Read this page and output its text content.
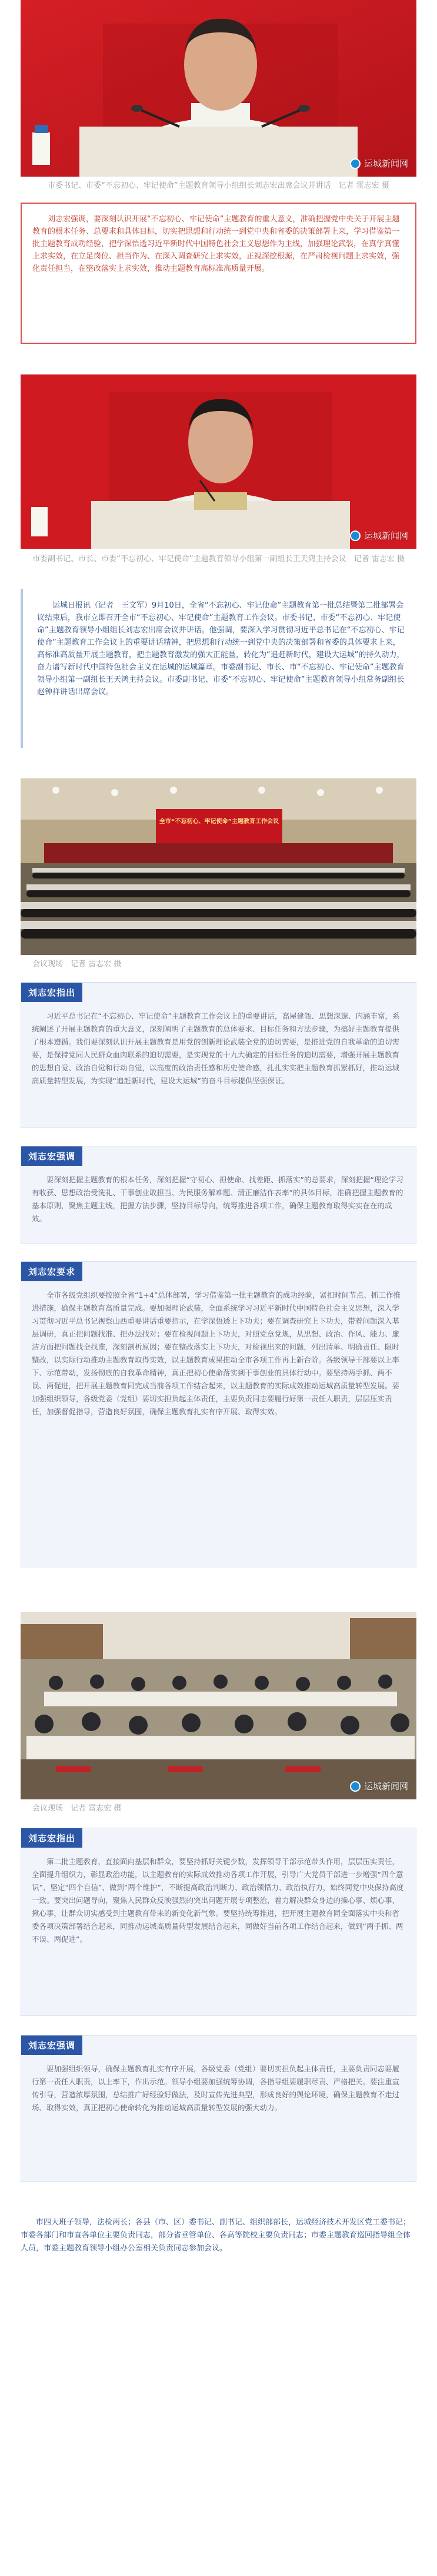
运城新闻网
市委书记、市委“不忘初心、牢记使命”主题教育领导小组组长刘志宏出席会议并讲话　记者 雷志宏 摄

刘志宏强调，要深刻认识开展“不忘初心、牢记使命”主题教育的重大意义，准确把握党中央关于开展主题教育的根本任务、总要求和具体目标，切实把思想和行动统一到党中央和省委的决策部署上来，学习借鉴第一批主题教育成功经验，把学深悟透习近平新时代中国特色社会主义思想作为主线，加强理论武装，在真学真懂上求实效，在立足岗位、担当作为、在深入调查研究上求实效，正视深挖根源，在严肃检视问题上求实效，强化责任担当，在整改落实上求实效，推动主题教育高标准高质量开展。

运城新闻网
市委副书记、市长、市委“不忘初心、牢记使命”主题教育领导小组第一副组长王天鸿主持会议　记者 雷志宏 摄

运城日报讯（记者　王文军）9月10日，全省“不忘初心、牢记使命”主题教育第一批总结暨第二批部署会议结束后，我市立即召开全市“不忘初心、牢记使命”主题教育工作会议。市委书记、市委“不忘初心、牢记使命”主题教育领导小组组长刘志宏出席会议并讲话。他强调，要深入学习贯彻习近平总书记在“不忘初心、牢记使命”主题教育工作会议上的重要讲话精神，把思想和行动统一到党中央的决策部署和省委的具体要求上来，高标准高质量开展主题教育，把主题教育激发的强大正能量，转化为“追赶新时代，建设大运城”的持久动力，奋力谱写新时代中国特色社会主义在运城的运城篇章。市委副书记、市长、市“不忘初心、牢记使命”主题教育领导小组第一副组长王天鸿主持会议。市委副书记、市委“不忘初心、牢记使命”主题教育领导小组常务副组长赵钟祥讲话出席会议。

全市“不忘初心、牢记使命”主题教育工作会议
会议现场　记者 雷志宏 摄
刘志宏指出

习近平总书记在“不忘初心、牢记使命”主题教育工作会议上的重要讲话，高屋建瓴、思想深邃、内涵丰富，系统阐述了开展主题教育的重大意义，深刻阐明了主题教育的总体要求、目标任务和方法步骤，为搞好主题教育提供了根本遵循。我们要深刻认识开展主题教育是用党的创新理论武装全党的迫切需要，是推进党的自我革命的迫切需要，是保持党同人民群众血肉联系的迫切需要，是实现党的十九大确定的目标任务的迫切需要，增强开展主题教育的思想自觉、政治自觉和行动自觉，以高度的政治责任感和历史使命感，扎扎实实把主题教育抓紧抓好，推动运城高质量转型发展，为实现“追赶新时代，建设大运城”的奋斗目标提供坚强保证。

刘志宏强调

要深刻把握主题教育的根本任务，深刻把握“守初心、担使命、找差距、抓落实”的总要求，深刻把握“理论学习有收获、思想政治受洗礼、干事创业敢担当、为民服务解难题、清正廉洁作表率”的具体目标，准确把握主题教育的基本原则，聚焦主题主线，把握方法步骤，坚持目标导向，统筹推进各项工作，确保主题教育取得实实在在的成效。

刘志宏要求

全市各级党组织要按照全省“1+4”总体部署，学习借鉴第一批主题教育的成功经验，紧扣时间节点、抓工作推进措施，确保主题教育高质量完成。要加强理论武装，全面系统学习习近平新时代中国特色社会主义思想，深入学习贯彻习近平总书记视察山西重要讲话重要指示，在学深悟透上下功夫；要在调查研究上下功夫，带着问题深入基层调研，真正把问题找准、把办法找对；要在检视问题上下功夫，对照党章党规，从思想、政治、作风、能力、廉洁方面把问题找全找准，深刻剖析原因；要在整改落实上下功夫，对检视出来的问题，列出清单、明确责任、限时整改，以实际行动推动主题教育取得实效，以主题教育成果推动全市各项工作再上新台阶。各级领导干部要以上率下、示范带动，发扬彻底的自我革命精神，真正把初心使命落实到干事创业的具体行动中。要坚持两手抓、两不误、两促进，把开展主题教育同完成当前各项工作结合起来，以主题教育的实际成效推动运城高质量转型发展。要加强组织领导，各级党委（党组）要切实担负起主体责任，主要负责同志要履行好第一责任人职责，层层压实责任，加强督促指导，营造良好氛围，确保主题教育扎实有序开展、取得实效。

运城新闻网
会议现场　记者 雷志宏 摄
刘志宏指出

第二批主题教育，直接面向基层和群众，要坚持抓好关键少数，发挥领导干部示范带头作用，层层压实责任，全面提升组织力，彰显政治功能，以主题教育的实际成效推动各项工作开展，引导广大党员干部进一步增强“四个意识”、坚定“四个自信”、做到“两个维护”，不断提高政治判断力、政治领悟力、政治执行力，始终同党中央保持高度一致。要突出问题导向，聚焦人民群众反映强烈的突出问题开展专项整治，着力解决群众身边的操心事、烦心事、揪心事，让群众切实感受到主题教育带来的新变化新气象。要坚持统筹推进，把开展主题教育同全面落实中央和省委各项决策部署结合起来，同推动运城高质量转型发展结合起来，同做好当前各项工作结合起来，做到“两手抓、两不误、两促进”。

刘志宏强调

要加强组织领导，确保主题教育扎实有序开展，各级党委（党组）要切实担负起主体责任，主要负责同志要履行第一责任人职责，以上率下，作出示范。领导小组要加强统筹协调，各指导组要履职尽责、严格把关。要注重宣传引导，营造浓厚氛围，总结推广好经验好做法，及时宣传先进典型，形成良好的舆论环境，确保主题教育不走过场、取得实效，真正把初心使命转化为推动运城高质量转型发展的强大动力。

市四大班子领导，法检两长；各县（市、区）委书记、副书记、组织部部长，运城经济技术开发区党工委书记；市委各部门和市直各单位主要负责同志，部分省垂管单位、各高等院校主要负责同志；市委主题教育巡回指导组全体人员，市委主题教育领导小组办公室相关负责同志参加会议。
